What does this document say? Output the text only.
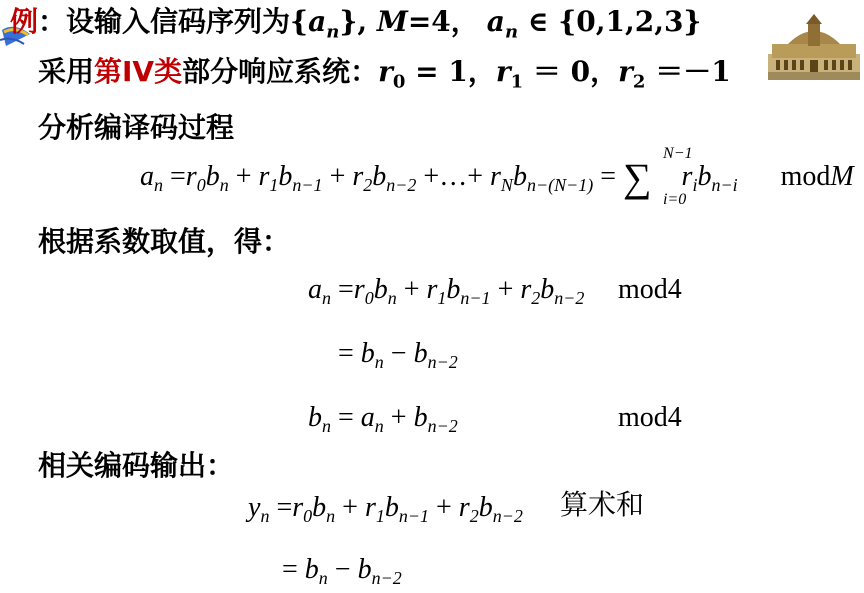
例：设输入信码序列为$\{a_n\}$, M=4， $a_n$ ∈ {0,1,2,3}
采用第IV类部分响应系统：$r_0 = 1$，$r_1 = 0$，$r_2 =-1$
分析编译码过程
$a_n =r_0b_n + r_1b_{n-1} + r_2b_{n-2}$ +…+ $r_Nb_{n-(N-1)}$ = ∑
N−1
i=0
$r_ib_{n-i}$ modM
根据系数取值，得：
$a_n =r_0b_n + r_1b_{n-1} + r_2b_{n-2}$ mod4
= $b_n - b_{n-2}$
$b_n = a_n + b_{n-2}$	mod4
相关编码输出：
$y_n =r_0b_n + r_1b_{n-1} + r_2b_{n-2}$ 算术和
= $b_n - b_{n-2}$
